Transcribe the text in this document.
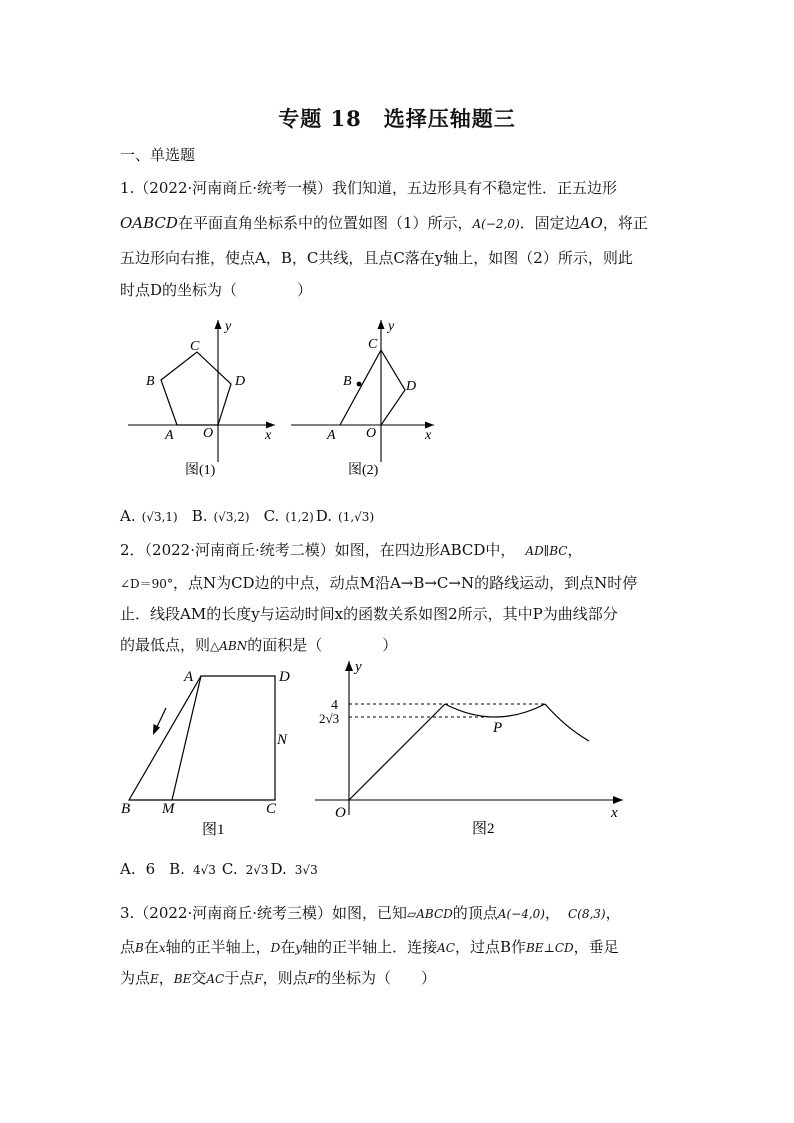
专题 18 选择压轴题三
一、单选题
1.（2022·河南商丘·统考一模）我们知道，五边形具有不稳定性．正五边形
OABCD在平面直角坐标系中的位置如图（1）所示，A(−2,0)．固定边AO，将正
五边形向右推，使点A，B，C共线，且点C落在y轴上，如图（2）所示，则此
时点D的坐标为（　　　　）
y
x
C
B	D
A O
图(1)
y
x
C
B	D
A O
图(2)
A. (√3,1) B. (√3,2) C. (1,2) D. (1,√3)
2．（2022·河南商丘·统考二模）如图，在四边形ABCD中， AD∥BC，
∠D＝90°，点N为CD边的中点，动点M沿A→B→C→N的路线运动，到点N时停
止．线段AM的长度y与运动时间x的函数关系如图2所示，其中P为曲线部分
的最低点，则△ABN的面积是（　　　　）
A	D
N
B M	C
图1
y
4
2√3
P
O	x
图2
A. 6 B. 4√3 C. 2√3 D. 3√3
3.（2022·河南商丘·统考三模）如图，已知▱ABCD的顶点A(−4,0)， C(8,3)，
点B在x轴的正半轴上，D在y轴的正半轴上．连接AC，过点B作BE⊥CD，垂足
为点E，BE交AC于点F，则点F的坐标为（　　）
